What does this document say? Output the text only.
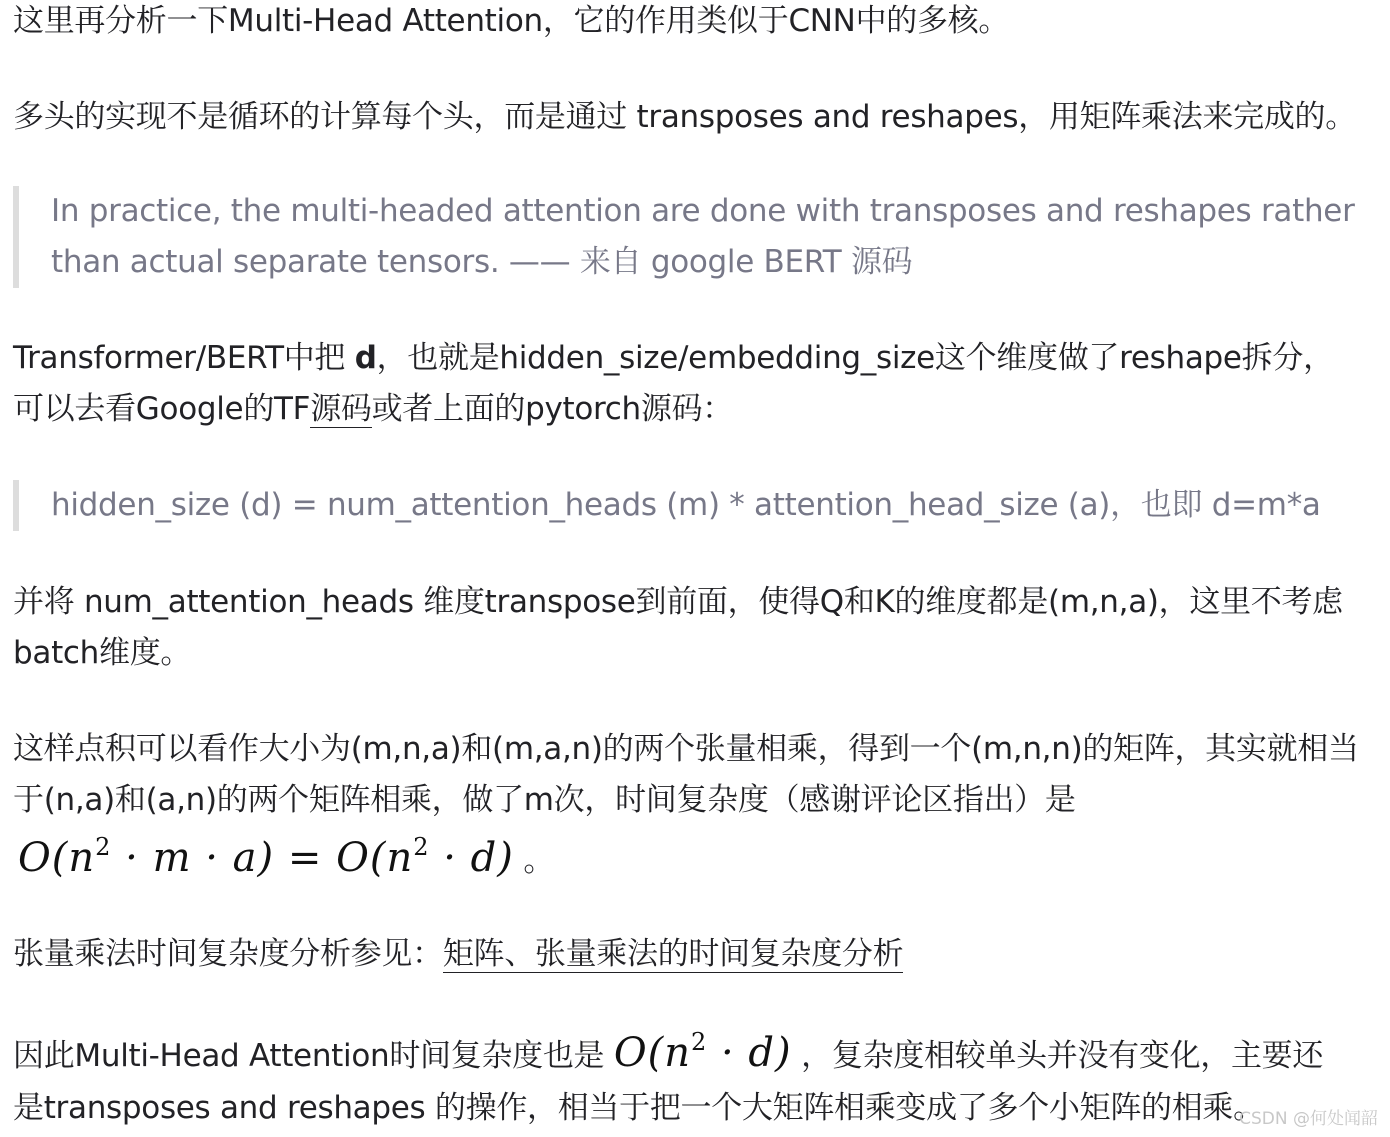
这里再分析一下Multi-Head Attention，它的作用类似于CNN中的多核。

多头的实现不是循环的计算每个头，而是通过 transposes and reshapes，用矩阵乘法来完成的。

In practice, the multi-headed attention are done with transposes and reshapes rather
than actual separate tensors. —— 来自 google BERT 源码

Transformer/BERT中把 d，也就是hidden_size/embedding_size这个维度做了reshape拆分，
可以去看Google的TF源码或者上面的pytorch源码：

hidden_size (d) = num_attention_heads (m) * attention_head_size (a)，也即 d=m*a

并将 num_attention_heads 维度transpose到前面，使得Q和K的维度都是(m,n,a)，这里不考虑
batch维度。

这样点积可以看作大小为(m,n,a)和(m,a,n)的两个张量相乘，得到一个(m,n,n)的矩阵，其实就相当
于(n,a)和(a,n)的两个矩阵相乘，做了m次，时间复杂度（感谢评论区指出）是
$O(n^2 \cdot m \cdot a) = O(n^2 \cdot d)$ 。

张量乘法时间复杂度分析参见：矩阵、张量乘法的时间复杂度分析

因此Multi-Head Attention时间复杂度也是 $O(n^2 \cdot d)$ ，复杂度相较单头并没有变化，主要还
是transposes and reshapes 的操作，相当于把一个大矩阵相乘变成了多个小矩阵的相乘。

CSDN @何处闻韶
